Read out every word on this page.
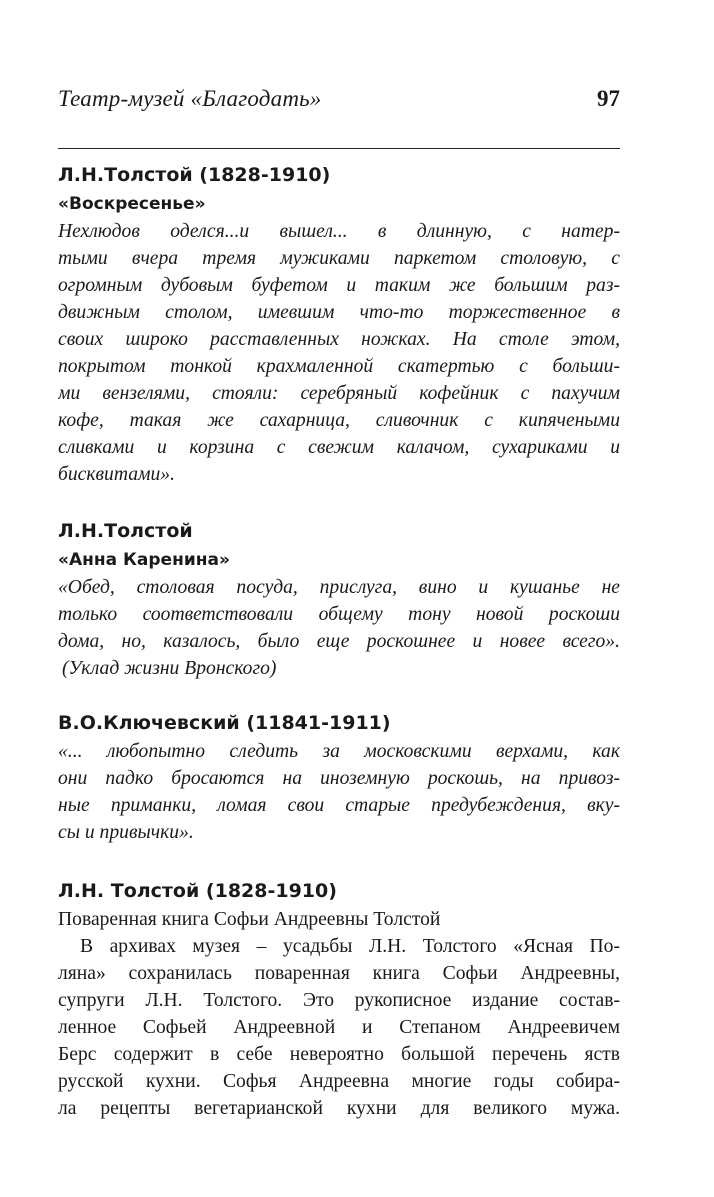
Театр-музей «Благодать»	97
Л.Н.Толстой (1828-1910)
«Воскресенье»
Нехлюдов оделся...и вышел... в длинную, с натер-
тыми вчера тремя мужиками паркетом столовую, с
огромным дубовым буфетом и таким же большим раз-
движным столом, имевшим что-то торжественное в
своих широко расставленных ножках. На столе этом,
покрытом тонкой крахмаленной скатертью с больши-
ми вензелями, стояли: серебряный кофейник с пахучим
кофе, такая же сахарница, сливочник с кипячеными
сливками и корзина с свежим калачом, сухариками и
бисквитами».
Л.Н.Толстой
«Анна Каренина»
«Обед, столовая посуда, прислуга, вино и кушанье не
только соответствовали общему тону новой роскоши
дома, но, казалось, было еще роскошнее и новее всего».
(Уклад жизни Вронского)
В.О.Ключевский (11841-1911)
«... любопытно следить за московскими верхами, как
они падко бросаются на иноземную роскошь, на привоз-
ные приманки, ломая свои старые предубеждения, вку-
сы и привычки».
Л.Н. Толстой (1828-1910)
Поваренная книга Софьи Андреевны Толстой
В архивах музея – усадьбы Л.Н. Толстого «Ясная По-
ляна» сохранилась поваренная книга Софьи Андреевны,
супруги Л.Н. Толстого. Это рукописное издание состав-
ленное Софьей Андреевной и Степаном Андреевичем
Берс содержит в себе невероятно большой перечень яств
русской кухни. Софья Андреевна многие годы собира-
ла рецепты вегетарианской кухни для великого мужа.
